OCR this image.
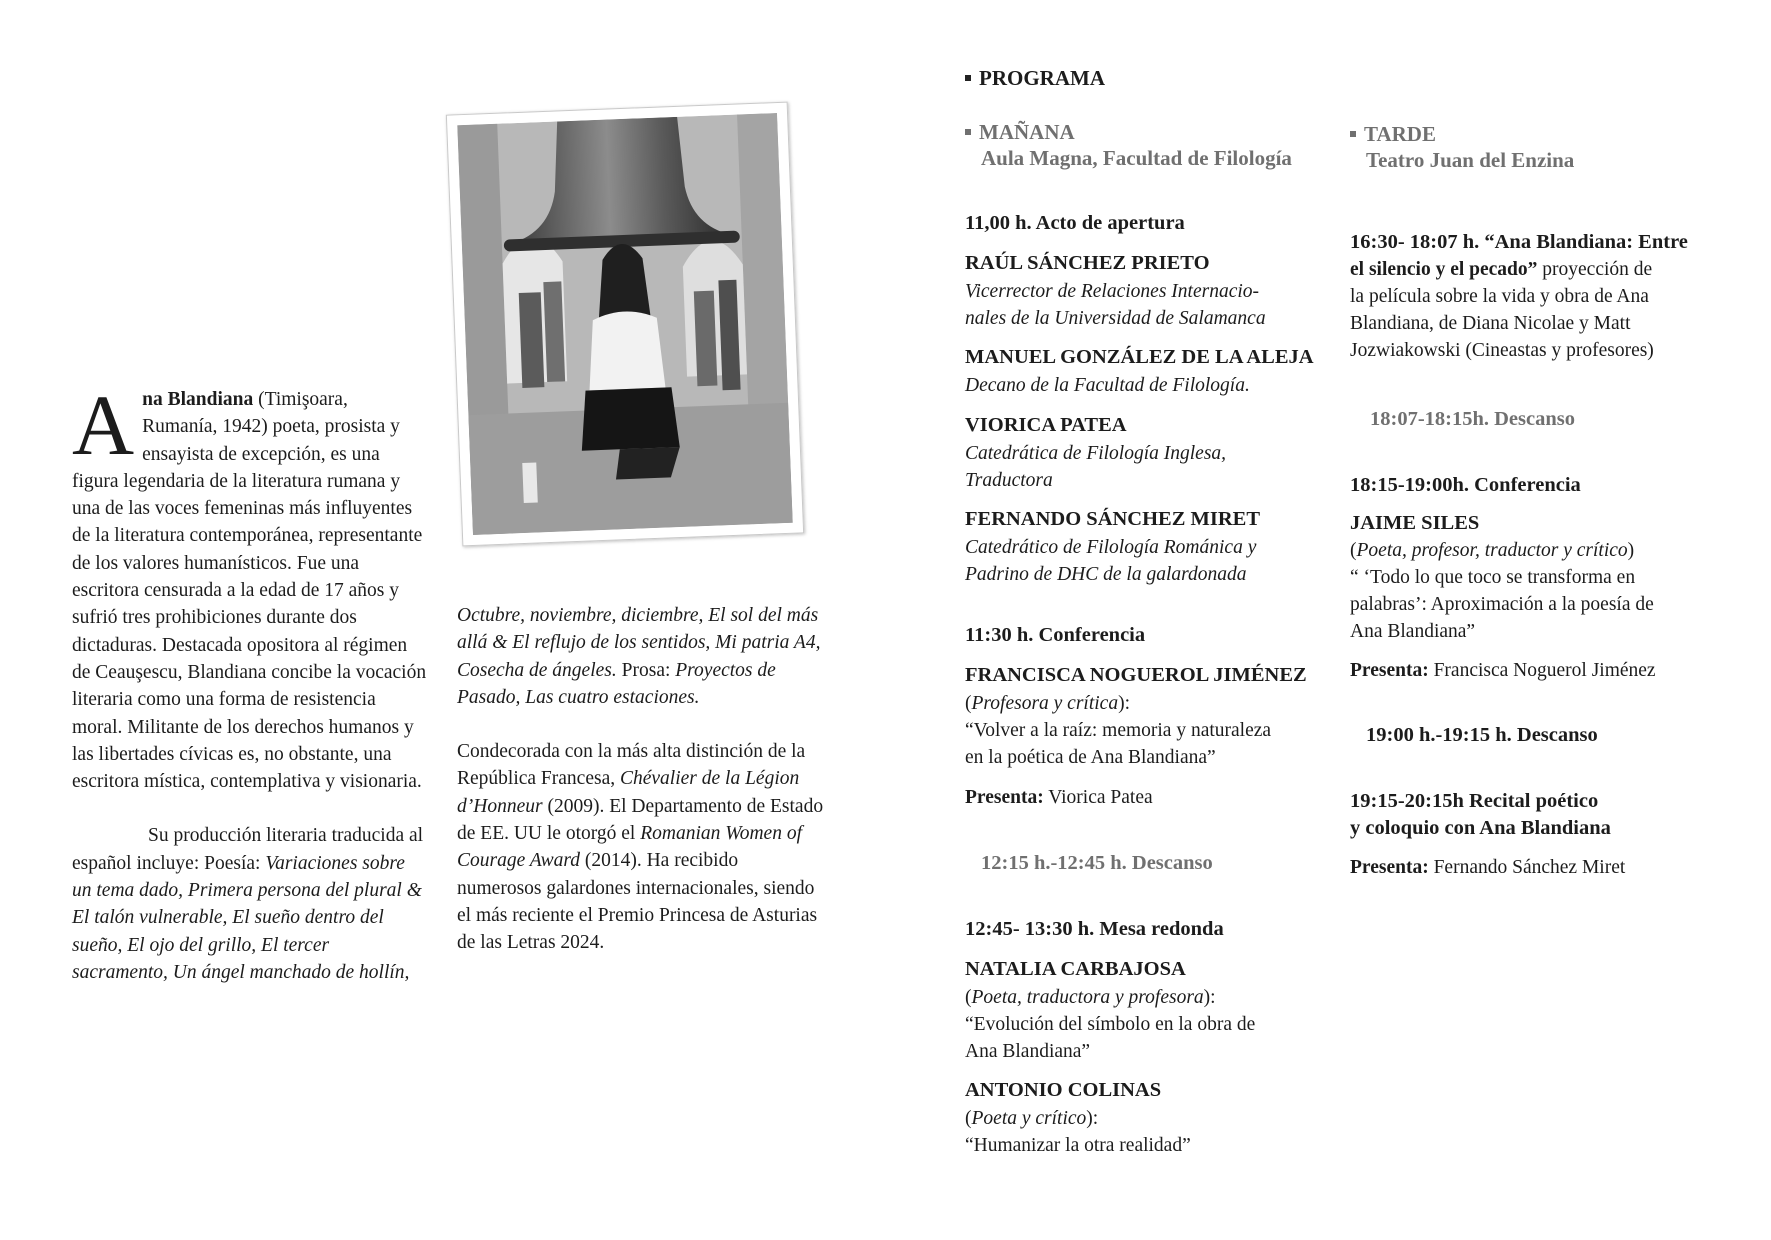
Ana Blandiana (Timişoara, Rumanía, 1942) poeta, prosista y ensayista de excepción, es una figura legendaria de la literatura rumana y una de las voces femeninas más influyentes de la literatura contemporánea, representante de los valores humanísticos. Fue una escritora censurada a la edad de 17 años y sufrió tres prohibiciones durante dos dictaduras. Destacada opositora al régimen de Ceauşescu, Blandiana concibe la vocación literaria como una forma de resistencia moral. Militante de los derechos humanos y las libertades cívicas es, no obstante, una escritora mística, contemplativa y visionaria.
Su producción literaria traducida al español incluye: Poesía: Variaciones sobre un tema dado, Primera persona del plural & El talón vulnerable, El sueño dentro del sueño, El ojo del grillo, El tercer sacramento, Un ángel manchado de hollín,
Octubre, noviembre, diciembre, El sol del más allá & El reflujo de los sentidos, Mi patria A4, Cosecha de ángeles. Prosa: Proyectos de Pasado, Las cuatro estaciones.
Condecorada con la más alta distinción de la República Francesa, Chévalier de la Légion d’Honneur (2009). El Departamento de Estado de EE. UU le otorgó el Romanian Women of Courage Award (2014). Ha recibido numerosos galardones internacionales, siendo el más reciente el Premio Princesa de Asturias de las Letras 2024.
PROGRAMA
MAÑANA
Aula Magna, Facultad de Filología
11,00 h. Acto de apertura
RAÚL SÁNCHEZ PRIETO
Vicerrector de Relaciones Internacio-
nales de la Universidad de Salamanca
MANUEL GONZÁLEZ DE LA ALEJA
Decano de la Facultad de Filología.
VIORICA PATEA
Catedrática de Filología Inglesa,
Traductora
FERNANDO SÁNCHEZ MIRET
Catedrático de Filología Románica y
Padrino de DHC de la galardonada
11:30 h. Conferencia
FRANCISCA NOGUEROL JIMÉNEZ
(Profesora y crítica):
“Volver a la raíz: memoria y naturaleza
en la poética de Ana Blandiana”
Presenta: Viorica Patea
12:15 h.-12:45 h. Descanso
12:45- 13:30 h. Mesa redonda
NATALIA CARBAJOSA
(Poeta, traductora y profesora):
“Evolución del símbolo en la obra de
Ana Blandiana”
ANTONIO COLINAS
(Poeta y crítico):
“Humanizar la otra realidad”
TARDE
Teatro Juan del Enzina
16:30- 18:07 h. “Ana Blandiana: Entre
el silencio y el pecado” proyección de
la película sobre la vida y obra de Ana
Blandiana, de Diana Nicolae y Matt
Jozwiakowski (Cineastas y profesores)
18:07-18:15h. Descanso
18:15-19:00h. Conferencia
JAIME SILES
(Poeta, profesor, traductor y crítico)
“ ‘Todo lo que toco se transforma en
palabras’: Aproximación a la poesía de
Ana Blandiana”
Presenta: Francisca Noguerol Jiménez
19:00 h.-19:15 h. Descanso
19:15-20:15h Recital poético
y coloquio con Ana Blandiana
Presenta: Fernando Sánchez Miret
